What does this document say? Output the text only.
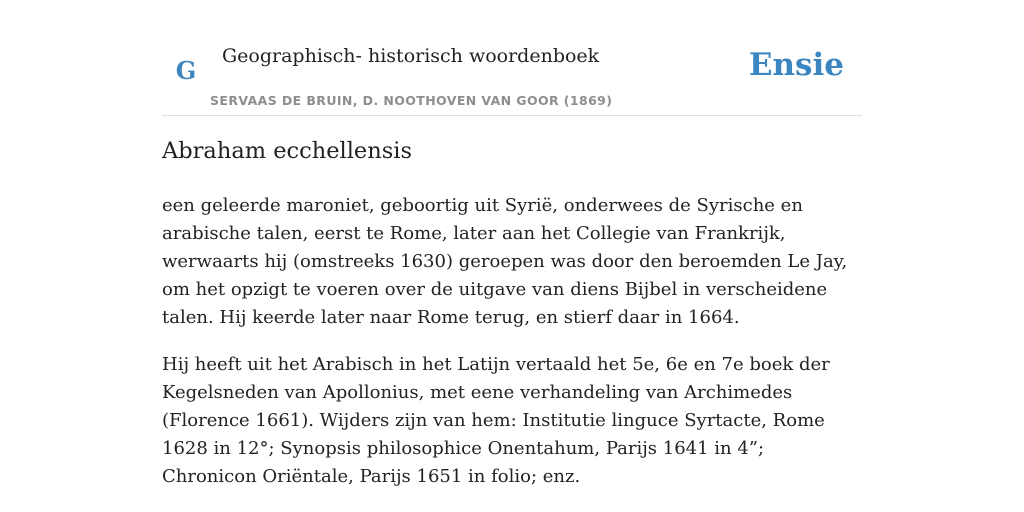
G	Geographisch- historisch woordenboek
SERVAAS DE BRUIN, D. NOOTHOVEN VAN GOOR (1869)
Ensie
Abraham ecchellensis

een geleerde maroniet, geboortig uit Syrië, onderwees de Syrische en arabische talen, eerst te Rome, later aan het Collegie van Frankrijk, werwaarts hij (omstreeks 1630) geroepen was door den beroemden Le Jay, om het opzigt te voeren over de uitgave van diens Bijbel in verscheidene talen. Hij keerde later naar Rome terug, en stierf daar in 1664.

Hij heeft uit het Arabisch in het Latijn vertaald het 5e, 6e en 7e boek der Kegelsneden van Apollonius, met eene verhandeling van Archimedes (Florence 1661). Wijders zijn van hem: Institutie linguce Syrtacte, Rome 1628 in 12°; Synopsis philosophice Onentahum, Parijs 1641 in 4”; Chronicon Oriëntale, Parijs 1651 in folio; enz.
